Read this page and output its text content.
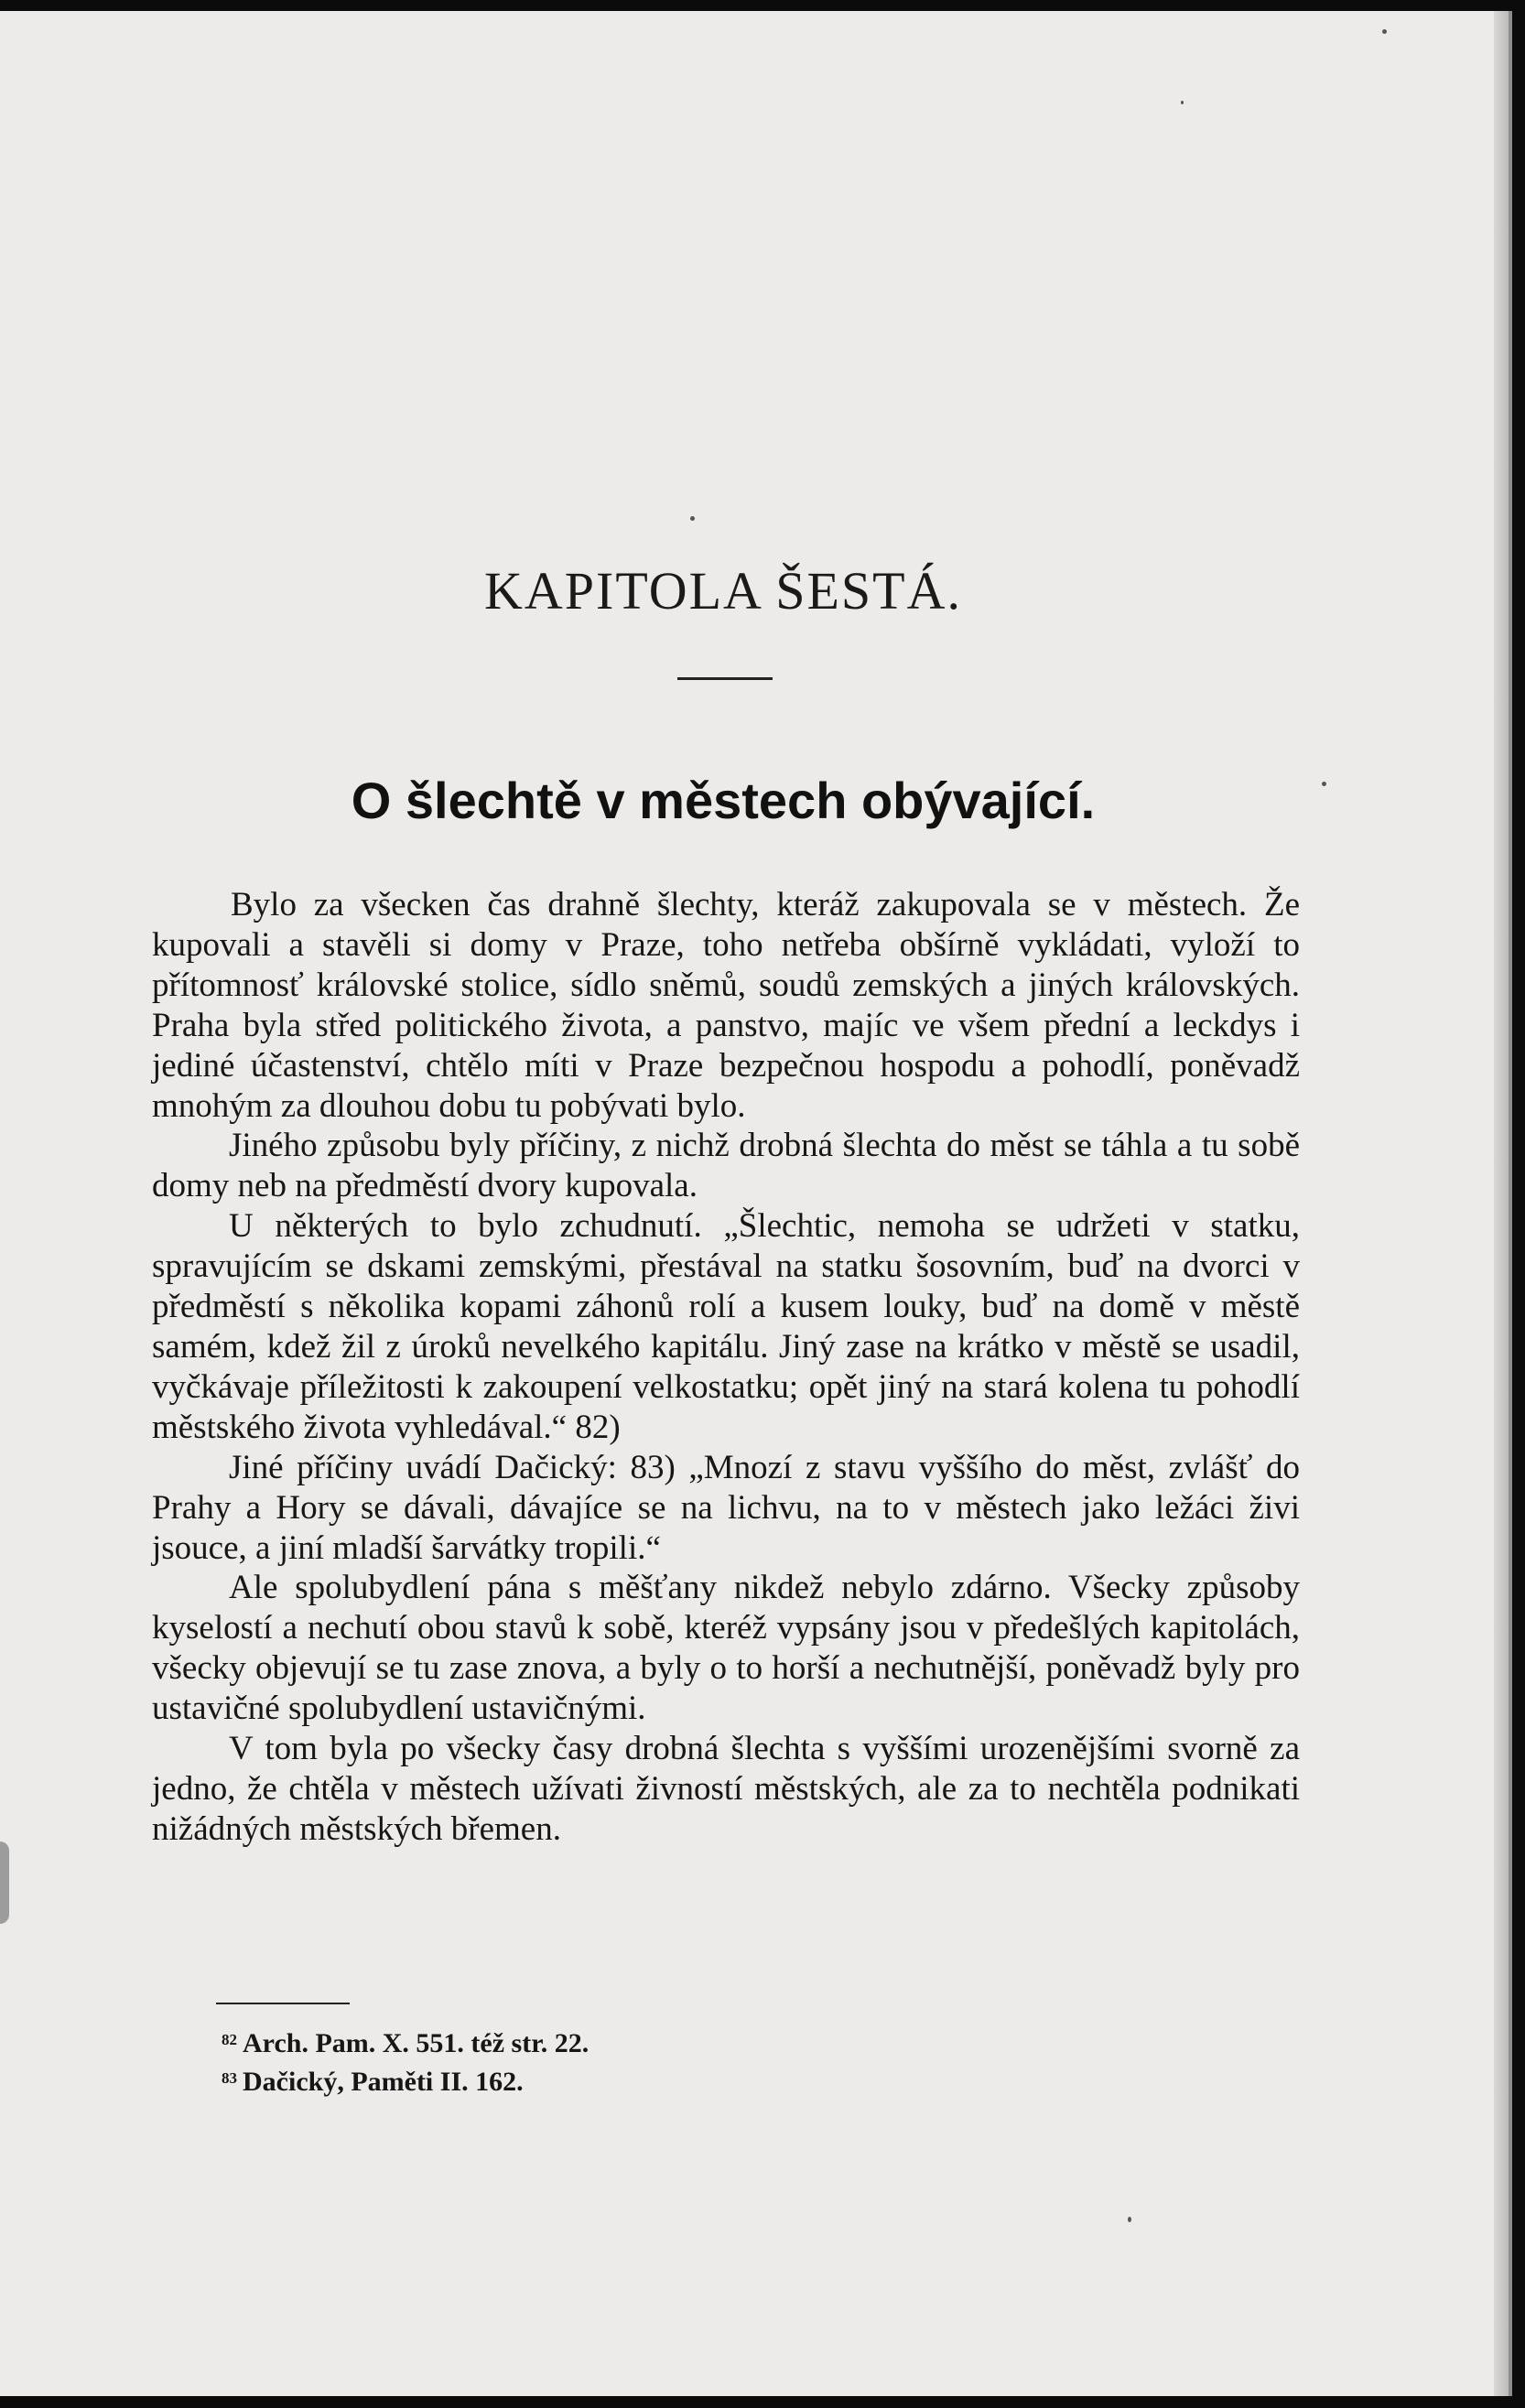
KAPITOLA ŠESTÁ.
O šlechtě v městech obývající.

Bylo za všecken čas drahně šlechty, kteráž zakupovala se v městech. Že kupovali a stavěli si domy v Praze, toho netřeba obšírně vykládati, vyloží to přítomnosť královské stolice, sídlo sněmů, soudů zemských a jiných královských. Praha byla střed politického života, a panstvo, majíc ve všem přední a leckdys i jediné účastenství, chtělo míti v Praze bezpečnou hospodu a pohodlí, poněvadž mnohým za dlouhou dobu tu pobývati bylo.

Jiného způsobu byly příčiny, z nichž drobná šlechta do měst se táhla a tu sobě domy neb na předměstí dvory kupovala.

U některých to bylo zchudnutí. „Šlechtic, nemoha se udržeti v statku, spravujícím se dskami zemskými, přestával na statku šosovním, buď na dvorci v předměstí s několika kopami záhonů rolí a kusem louky, buď na domě v městě samém, kdež žil z úroků nevelkého kapitálu. Jiný zase na krátko v městě se usadil, vyčkávaje příležitosti k zakoupení velkostatku; opět jiný na stará kolena tu pohodlí městského života vyhledával.“ 82)

Jiné příčiny uvádí Dačický: 83) „Mnozí z stavu vyššího do měst, zvlášť do Prahy a Hory se dávali, dávajíce se na lichvu, na to v městech jako ležáci živi jsouce, a jiní mladší šarvátky tropili.“

Ale spolubydlení pána s měšťany nikdež nebylo zdárno. Všecky způsoby kyselostí a nechutí obou stavů k sobě, kteréž vypsány jsou v předešlých kapitolách, všecky objevují se tu zase znova, a byly o to horší a nechutnější, poněvadž byly pro ustavičné spolubydlení ustavičnými.

V tom byla po všecky časy drobná šlechta s vyššími urozenějšími svorně za jedno, že chtěla v městech užívati živností městských, ale za to nechtěla podnikati nižádných městských břemen.

$^{82}$ Arch. Pam. X. 551. též str. 22.

$^{83}$ Dačický, Paměti II. 162.
